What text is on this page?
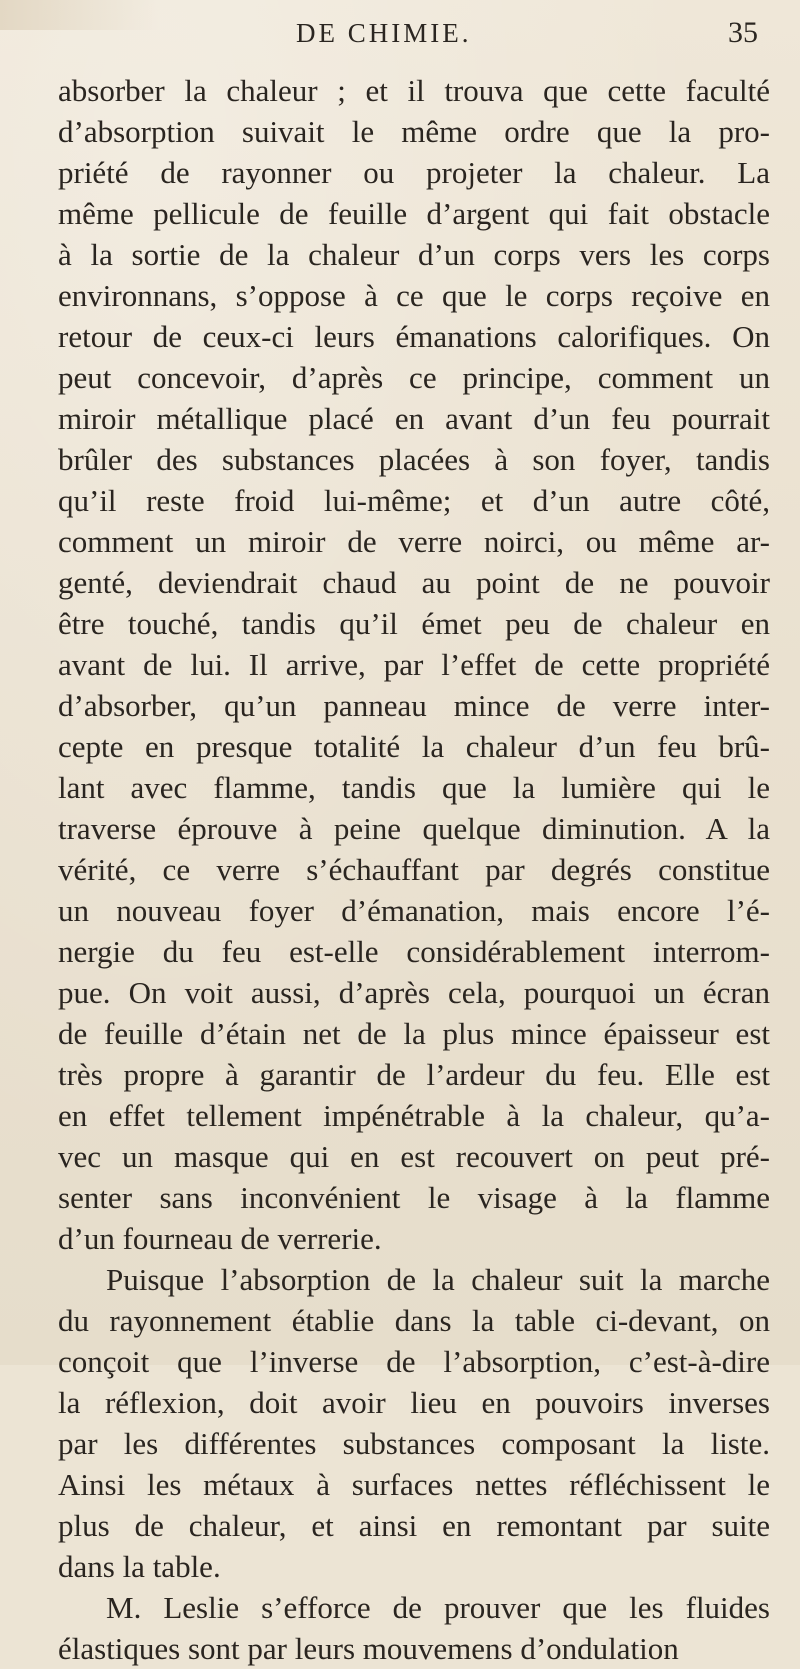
DE CHIMIE.	35
absorber la chaleur ; et il trouva que cette faculté
d’absorption suivait le même ordre que la pro-
priété de rayonner ou projeter la chaleur. La
même pellicule de feuille d’argent qui fait obstacle
à la sortie de la chaleur d’un corps vers les corps
environnans, s’oppose à ce que le corps reçoive en
retour de ceux-ci leurs émanations calorifiques. On
peut concevoir, d’après ce principe, comment un
miroir métallique placé en avant d’un feu pourrait
brûler des substances placées à son foyer, tandis
qu’il reste froid lui-même; et d’un autre côté,
comment un miroir de verre noirci, ou même ar-
genté, deviendrait chaud au point de ne pouvoir
être touché, tandis qu’il émet peu de chaleur en
avant de lui. Il arrive, par l’effet de cette propriété
d’absorber, qu’un panneau mince de verre inter-
cepte en presque totalité la chaleur d’un feu brû-
lant avec flamme, tandis que la lumière qui le
traverse éprouve à peine quelque diminution. A la
vérité, ce verre s’échauffant par degrés constitue
un nouveau foyer d’émanation, mais encore l’é-
nergie du feu est-elle considérablement interrom-
pue. On voit aussi, d’après cela, pourquoi un écran
de feuille d’étain net de la plus mince épaisseur est
très propre à garantir de l’ardeur du feu. Elle est
en effet tellement impénétrable à la chaleur, qu’a-
vec un masque qui en est recouvert on peut pré-
senter sans inconvénient le visage à la flamme
d’un fourneau de verrerie.
Puisque l’absorption de la chaleur suit la marche
du rayonnement établie dans la table ci-devant, on
conçoit que l’inverse de l’absorption, c’est-à-dire
la réflexion, doit avoir lieu en pouvoirs inverses
par les différentes substances composant la liste.
Ainsi les métaux à surfaces nettes réfléchissent le
plus de chaleur, et ainsi en remontant par suite
dans la table.
M. Leslie s’efforce de prouver que les fluides
élastiques sont par leurs mouvemens d’ondulation
